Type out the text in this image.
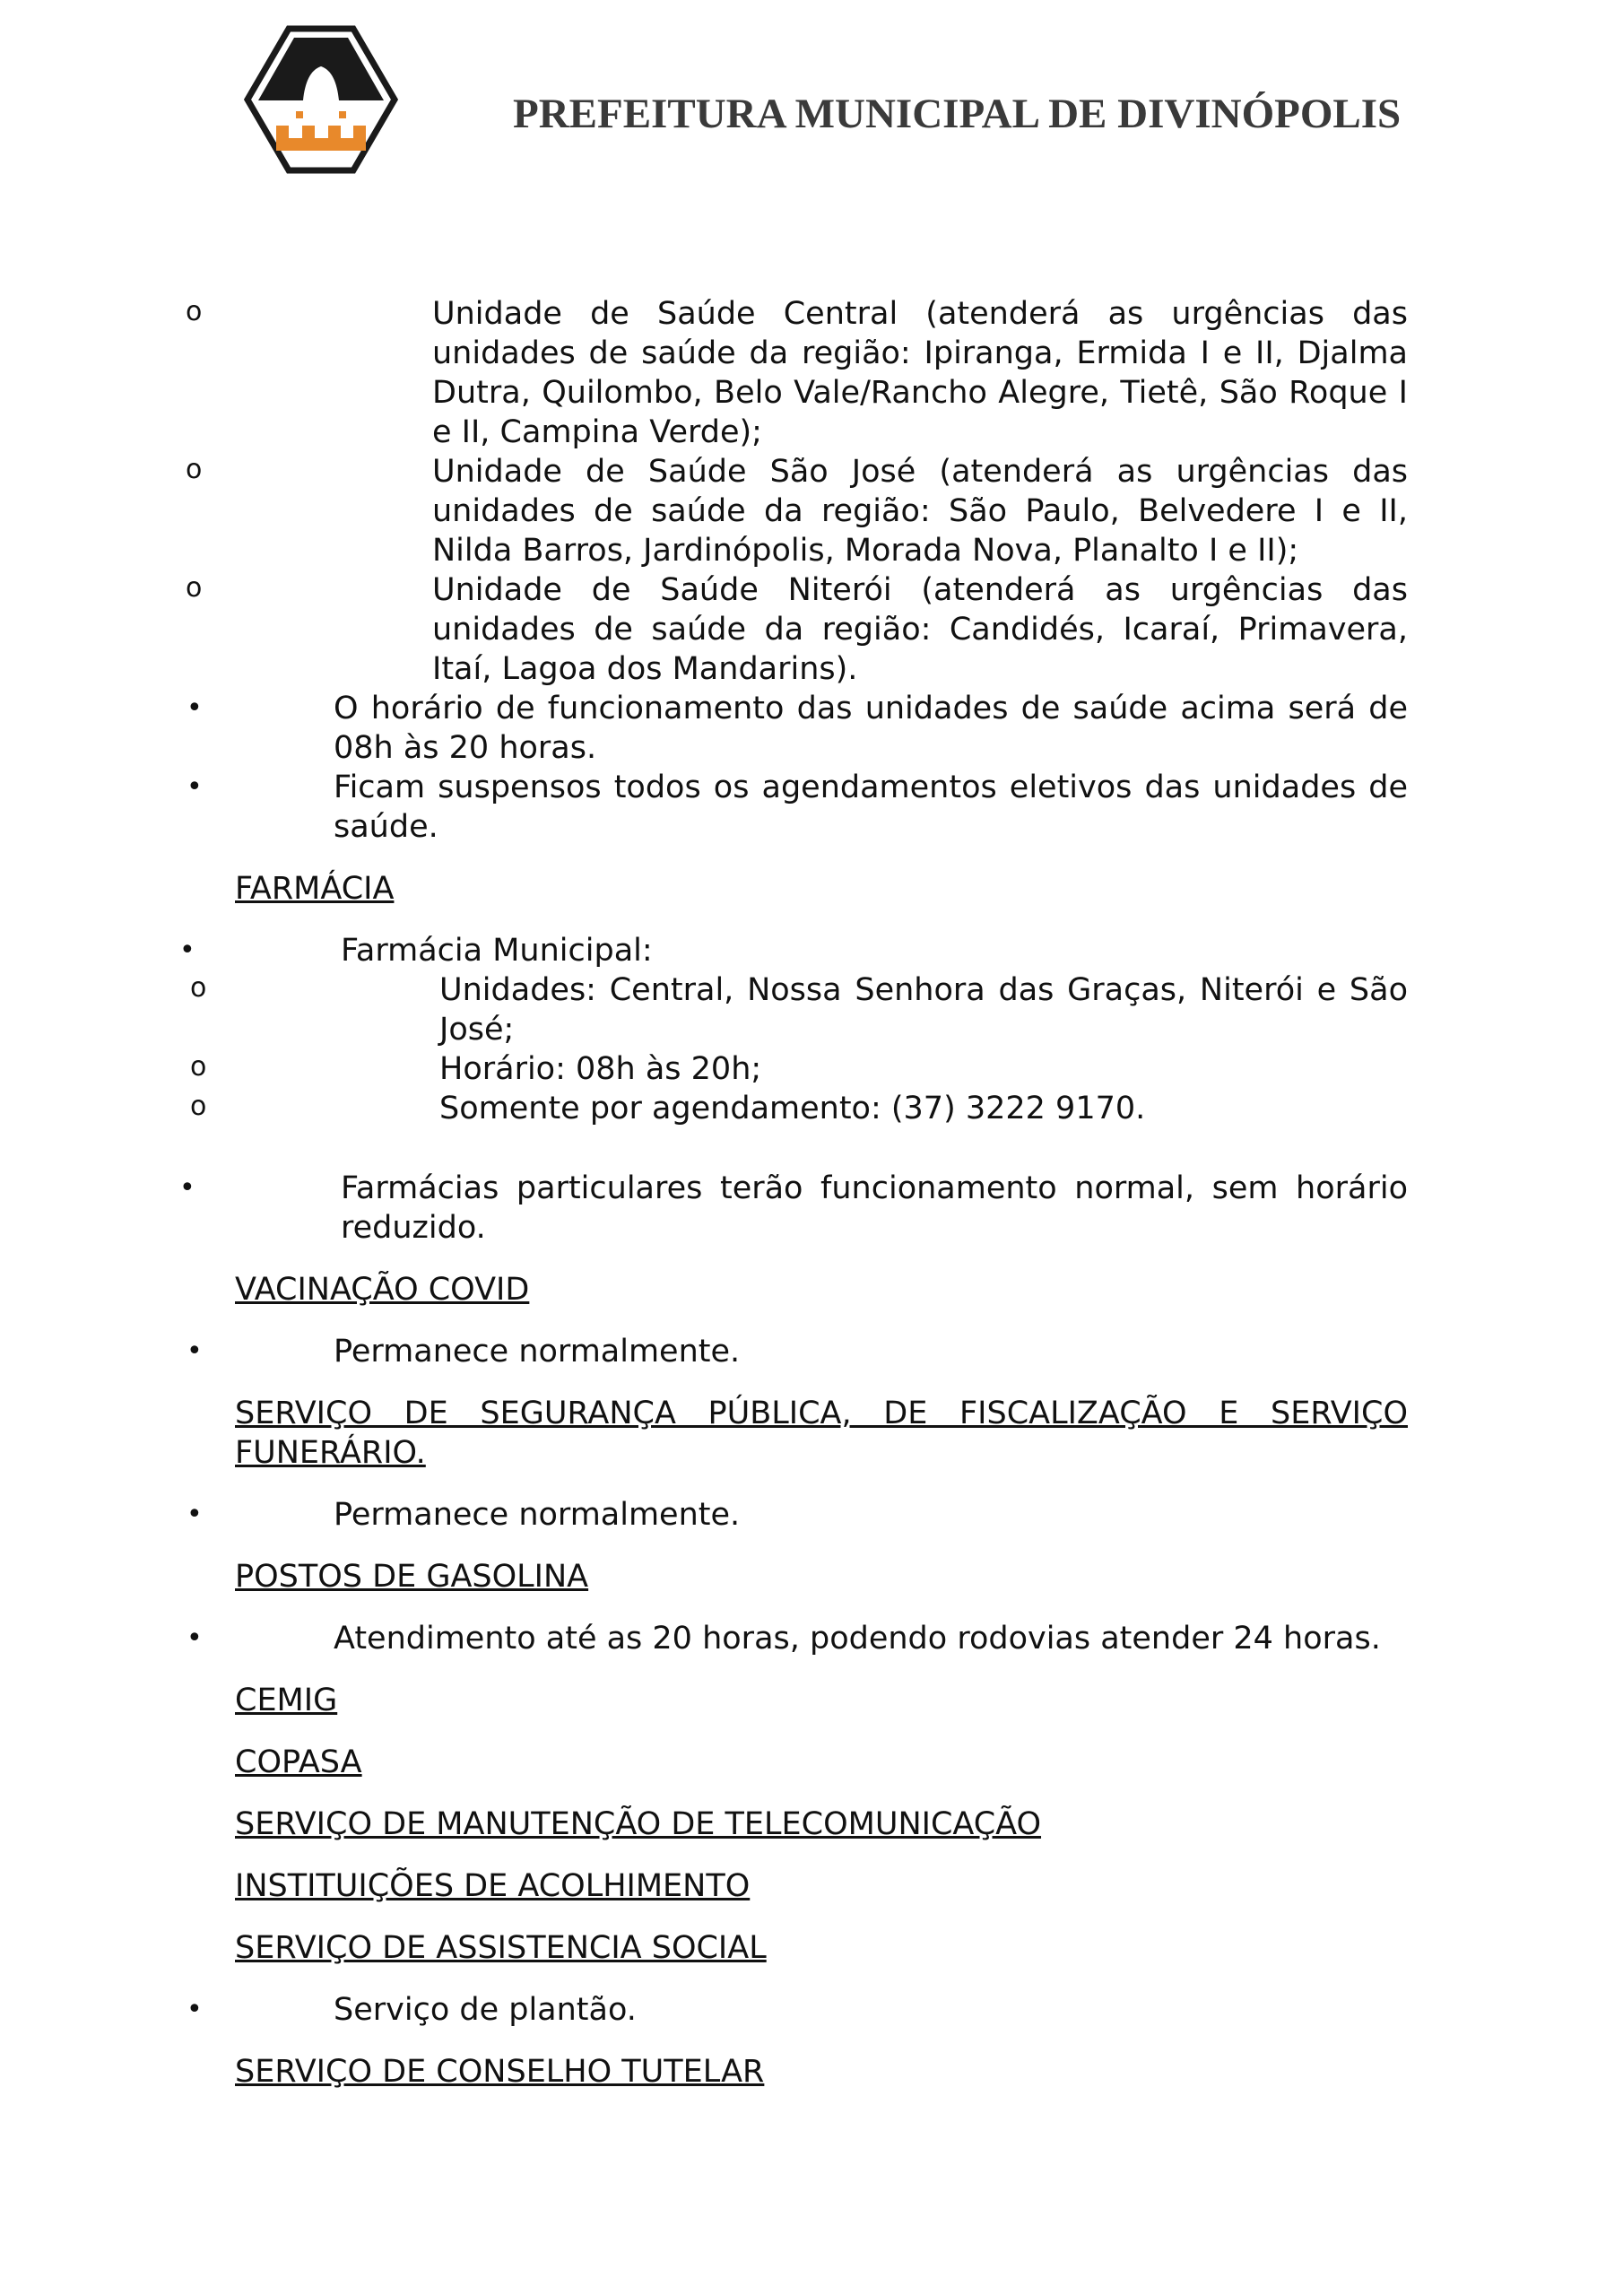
PREFEITURA MUNICIPAL DE DIVINÓPOLIS
o	Unidade de Saúde Central (atenderá as urgências das unidades de saúde da região: Ipiranga, Ermida I e II, Djalma Dutra, Quilombo, Belo Vale/Rancho Alegre, Tietê, São Roque I e II, Campina Verde);
o	Unidade de Saúde São José (atenderá as urgências das unidades de saúde da região: São Paulo, Belvedere I e II, Nilda Barros, Jardinópolis, Morada Nova, Planalto I e II);
o	Unidade de Saúde Niterói (atenderá as urgências das unidades de saúde da região: Candidés, Icaraí, Primavera, Itaí, Lagoa dos Mandarins).
•	O horário de funcionamento das unidades de saúde acima será de 08h às 20 horas.
•	Ficam suspensos todos os agendamentos eletivos das unidades de saúde.
FARMÁCIA
•	Farmácia Municipal:
o	Unidades: Central, Nossa Senhora das Graças, Niterói e São José;
o	Horário: 08h às 20h;
o	Somente por agendamento: (37) 3222 9170.
•	Farmácias particulares terão funcionamento normal, sem horário reduzido.
VACINAÇÃO COVID
•	Permanece normalmente.
SERVIÇO DE SEGURANÇA PÚBLICA, DE FISCALIZAÇÃO E SERVIÇO
FUNERÁRIO.
•	Permanece normalmente.
POSTOS DE GASOLINA
•	Atendimento até as 20 horas, podendo rodovias atender 24 horas.
CEMIG
COPASA
SERVIÇO DE MANUTENÇÃO DE TELECOMUNICAÇÃO
INSTITUIÇÕES DE ACOLHIMENTO
SERVIÇO DE ASSISTENCIA SOCIAL
•	Serviço de plantão.
SERVIÇO DE CONSELHO TUTELAR
